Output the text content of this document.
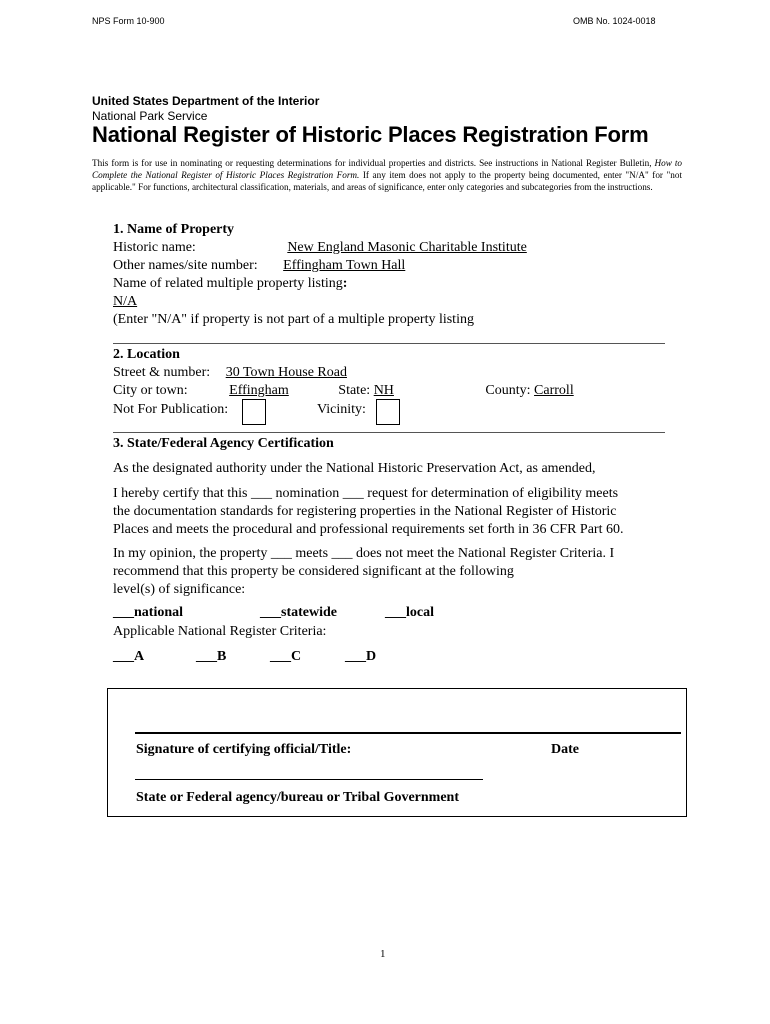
NPS Form 10-900	OMB No. 1024-0018
United States Department of the Interior
National Park Service
National Register of Historic Places Registration Form
This form is for use in nominating or requesting determinations for individual properties and districts. See instructions in National Register Bulletin, How to Complete the National Register of Historic Places Registration Form. If any item does not apply to the property being documented, enter "N/A" for "not applicable." For functions, architectural classification, materials, and areas of significance, enter only categories and subcategories from the instructions.
1. Name of Property
Historic name:	New England Masonic Charitable Institute
Other names/site number: Effingham Town Hall
Name of related multiple property listing:
N/A
(Enter "N/A" if property is not part of a multiple property listing
2. Location
Street & number: 30 Town House Road
City or town:	Effingham	State: NH	County: Carroll
Not For Publication:	Vicinity:
3. State/Federal Agency Certification
As the designated authority under the National Historic Preservation Act, as amended,
I hereby certify that this ___ nomination ___ request for determination of eligibility meets
the documentation standards for registering properties in the National Register of Historic
Places and meets the procedural and professional requirements set forth in 36 CFR Part 60.
In my opinion, the property ___ meets ___ does not meet the National Register Criteria. I
recommend that this property be considered significant at the following
level(s) of significance:
___national	___statewide	___local
Applicable National Register Criteria:
___A	___B	___C	___D
Signature of certifying official/Title:	Date
State or Federal agency/bureau or Tribal Government
1
